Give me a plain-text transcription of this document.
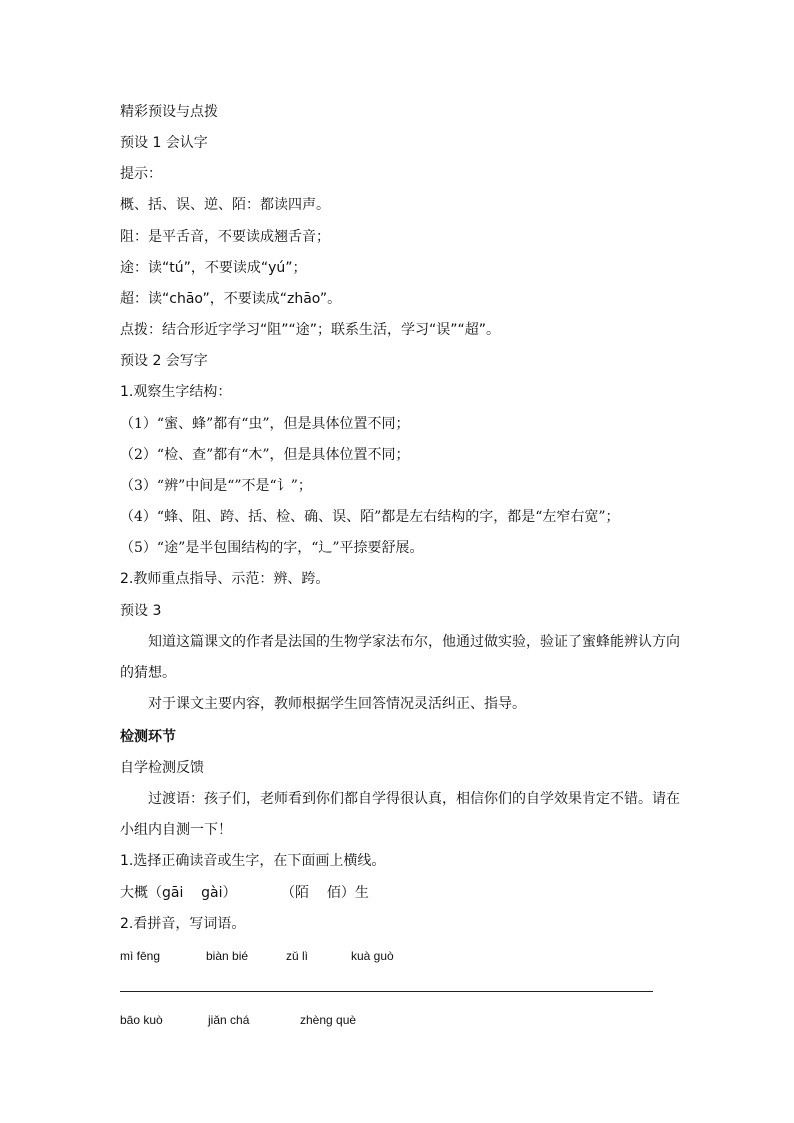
精彩预设与点拨
预设 1 会认字
提示：
概、括、误、逆、陌：都读四声。
阻：是平舌音，不要读成翘舌音；
途：读“tú”，不要读成“yú”；
超：读“chāo”，不要读成“zhāo”。
点拨：结合形近字学习“阻”“途”；联系生活，学习“误”“超”。
预设 2 会写字
1.观察生字结构：
（1）“蜜、蜂”都有“虫”，但是具体位置不同；
（2）“检、查”都有“木”，但是具体位置不同；
（3）“辨”中间是“”不是“讠”；
（4）“蜂、阻、跨、括、检、确、误、陌”都是左右结构的字，都是“左窄右宽”；
（5）“途”是半包围结构的字，“辶”平捺要舒展。
2.教师重点指导、示范：辨、跨。
预设 3
知道这篇课文的作者是法国的生物学家法布尔，他通过做实验，验证了蜜蜂能辨认方向
的猜想。
对于课文主要内容，教师根据学生回答情况灵活纠正、指导。
检测环节
自学检测反馈
过渡语：孩子们，老师看到你们都自学得很认真，相信你们的自学效果肯定不错。请在
小组内自测一下！
1.选择正确读音或生字，在下面画上横线。
大概（gāi    gài）          （陌    佰）生
2.看拼音，写词语。
mì fēng	biàn bié	zǔ lì	kuà guò
bāo kuò	jiǎn chá	zhèng què
